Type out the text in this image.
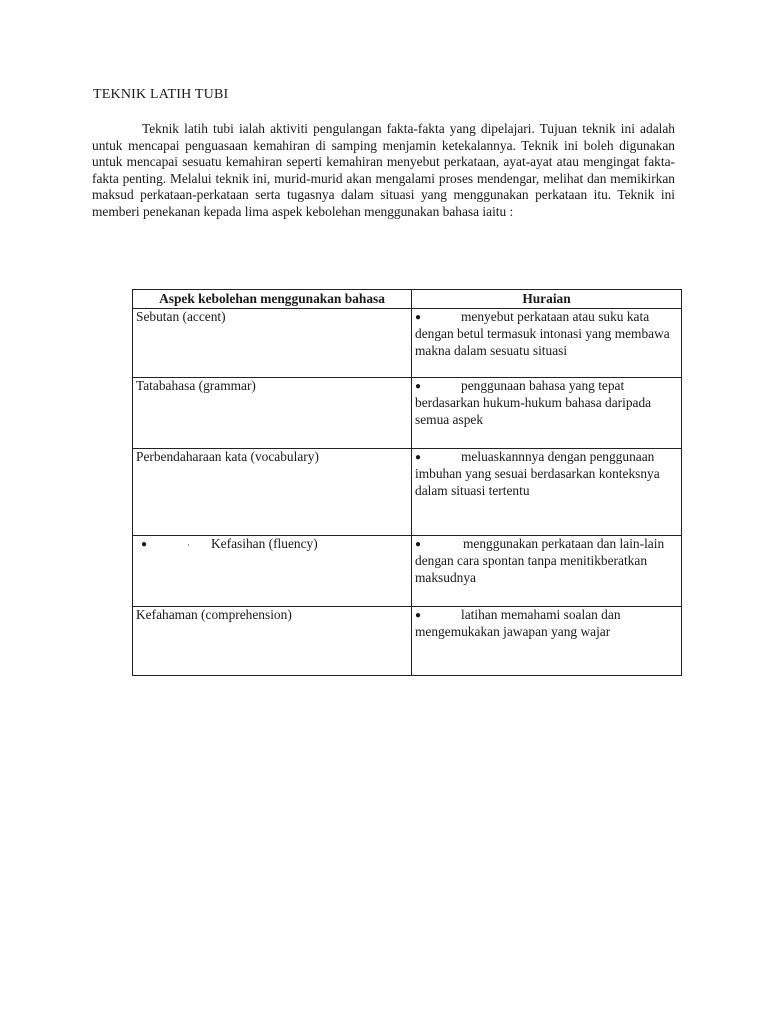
TEKNIK LATIH TUBI

Teknik latih tubi ialah aktiviti pengulangan fakta-fakta yang dipelajari. Tujuan teknik ini adalah untuk mencapai penguasaan kemahiran di samping menjamin ketekalannya. Teknik ini boleh digunakan untuk mencapai sesuatu kemahiran seperti kemahiran menyebut perkataan, ayat-ayat atau mengingat fakta-fakta penting. Melalui teknik ini, murid-murid akan mengalami proses mendengar, melihat dan memikirkan maksud perkataan-perkataan serta tugasnya dalam situasi yang menggunakan perkataan itu. Teknik ini memberi penekanan kepada lima aspek kebolehan menggunakan bahasa iaitu :

Aspek kebolehan menggunakan bahasa	Huraian
Sebutan (accent)	● menyebut perkataan atau suku kata dengan betul termasuk intonasi yang membawa makna dalam sesuatu situasi
Tatabahasa (grammar)	● penggunaan bahasa yang tepat berdasarkan hukum-hukum bahasa daripada semua aspek
Perbendaharaan kata (vocabulary)	● meluaskannnya dengan penggunaan imbuhan yang sesuai berdasarkan konteksnya dalam situasi tertentu

● · Kefasihan (fluency)	● menggunakan perkataan dan lain-lain dengan cara spontan tanpa menitikberatkan maksudnya
Kefahaman (comprehension)	● latihan memahami soalan dan mengemukakan jawapan yang wajar
